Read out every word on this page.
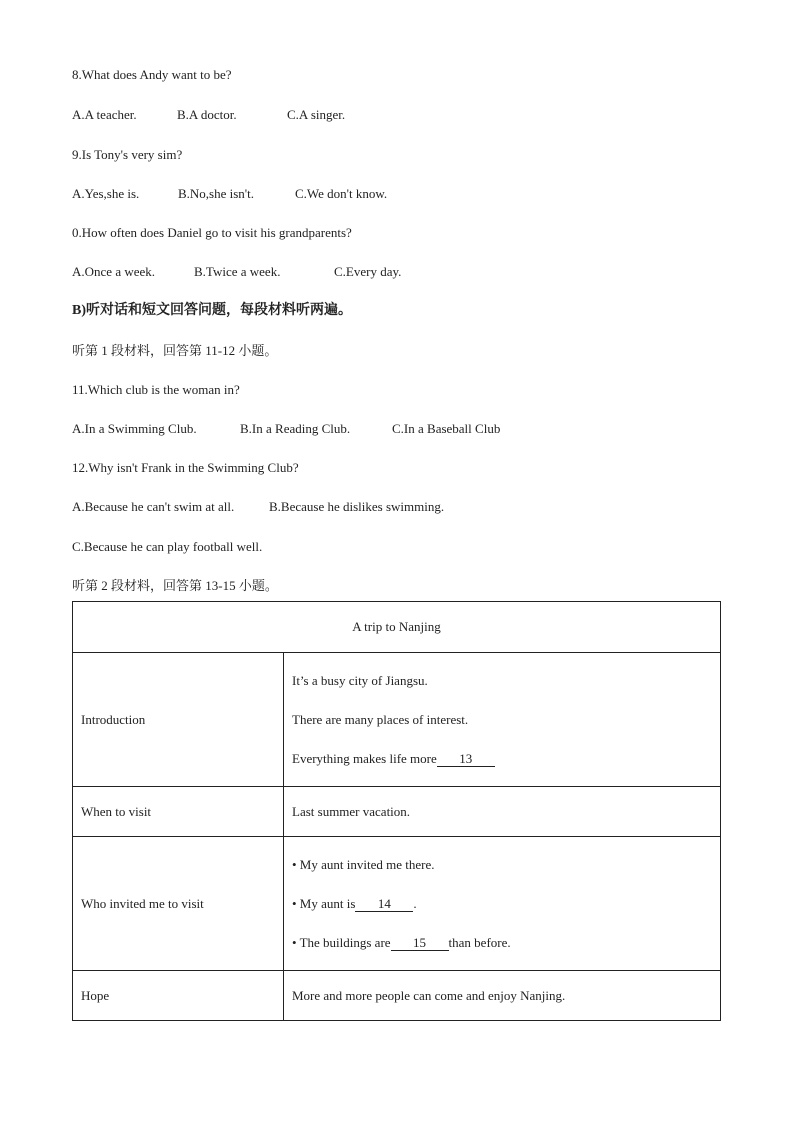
8.What does Andy want to be?
A.A teacher.	B.A doctor.	C.A singer.
9.Is Tony's very sim?
A.Yes,she is.	B.No,she isn't.	C.We don't know.
0.How often does Daniel go to visit his grandparents?
A.Once a week.	B.Twice a week.	C.Every day.
B)听对话和短文回答问题，每段材料听两遍。
听第 1 段材料，回答第 11-12 小题。
11.Which club is the woman in?
A.In a Swimming Club.	B.In a Reading Club.	C.In a Baseball Club
12.Why isn't Frank in the Swimming Club?
A.Because he can't swim at all.	B.Because he dislikes swimming.
C.Because he can play football well.
听第 2 段材料，回答第 13-15 小题。
A trip to Nanjing	
Introduction	It’s a busy city of Jiangsu.
There are many places of interest.
Everything makes life more 13

When to visit	Last summer vacation.
Who invited me to visit	• My aunt invited me there.
• My aunt is 14 .
• The buildings are 15 than before.

Hope	More and more people can come and enjoy Nanjing.
